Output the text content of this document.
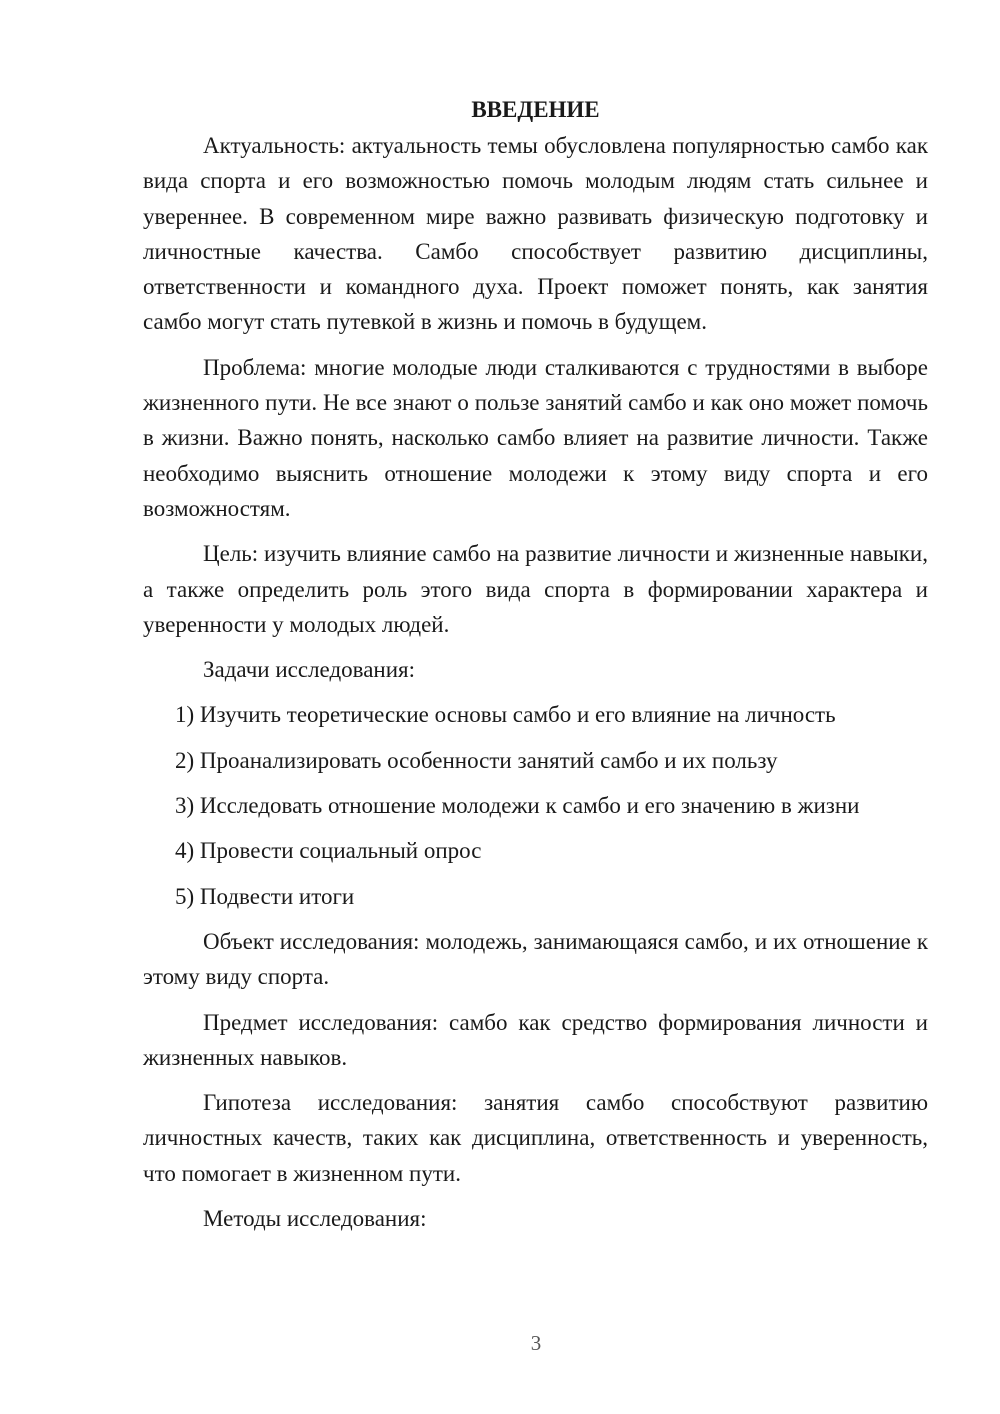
ВВЕДЕНИЕ

Актуальность: актуальность темы обусловлена популярностью самбо как вида спорта и его возможностью помочь молодым людям стать сильнее и увереннее. В современном мире важно развивать физическую подготовку и личностные качества. Самбо способствует развитию дисциплины, ответственности и командного духа. Проект поможет понять, как занятия самбо могут стать путевкой в жизнь и помочь в будущем.

Проблема: многие молодые люди сталкиваются с трудностями в выборе жизненного пути. Не все знают о пользе занятий самбо и как оно может помочь в жизни. Важно понять, насколько самбо влияет на развитие личности. Также необходимо выяснить отношение молодежи к этому виду спорта и его возможностям.

Цель: изучить влияние самбо на развитие личности и жизненные навыки, а также определить роль этого вида спорта в формировании характера и уверенности у молодых людей.

Задачи исследования:

1) Изучить теоретические основы самбо и его влияние на личность
2) Проанализировать особенности занятий самбо и их пользу
3) Исследовать отношение молодежи к самбо и его значению в жизни
4) Провести социальный опрос
5) Подвести итоги

Объект исследования: молодежь, занимающаяся самбо, и их отношение к этому виду спорта.

Предмет исследования: самбо как средство формирования личности и жизненных навыков.

Гипотеза исследования: занятия самбо способствуют развитию личностных качеств, таких как дисциплина, ответственность и уверенность, что помогает в жизненном пути.

Методы исследования:

3
